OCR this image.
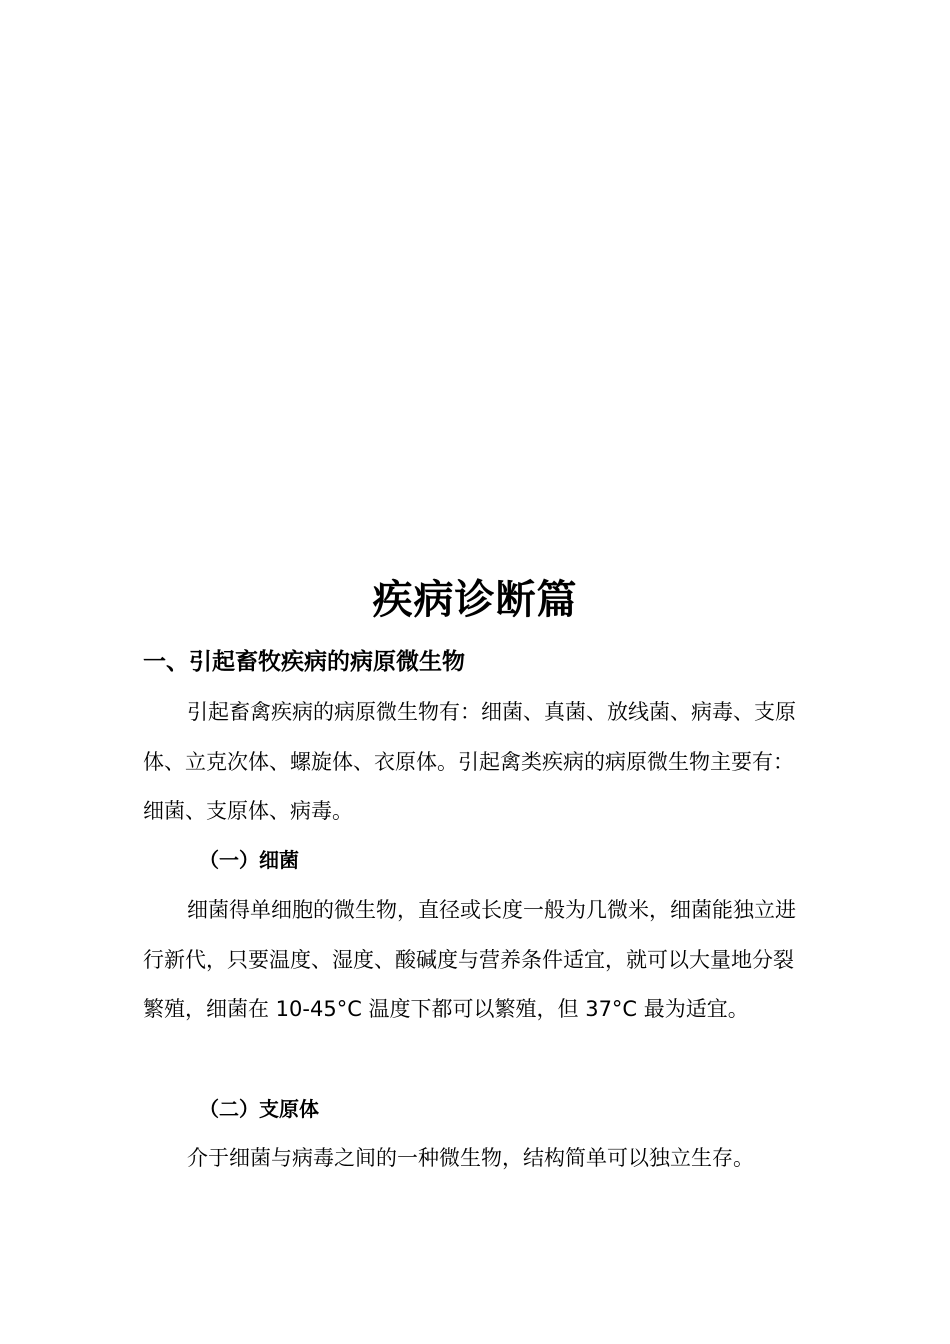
疾病诊断篇
一、引起畜牧疾病的病原微生物

引起畜禽疾病的病原微生物有：细菌、真菌、放线菌、病毒、支原体、立克次体、螺旋体、衣原体。引起禽类疾病的病原微生物主要有：细菌、支原体、病毒。

（一）细菌

细菌得单细胞的微生物，直径或长度一般为几微米，细菌能独立进行新代，只要温度、湿度、酸碱度与营养条件适宜，就可以大量地分裂繁殖，细菌在 10-45°C 温度下都可以繁殖，但 37°C 最为适宜。

（二）支原体

介于细菌与病毒之间的一种微生物，结构简单可以独立生存。
